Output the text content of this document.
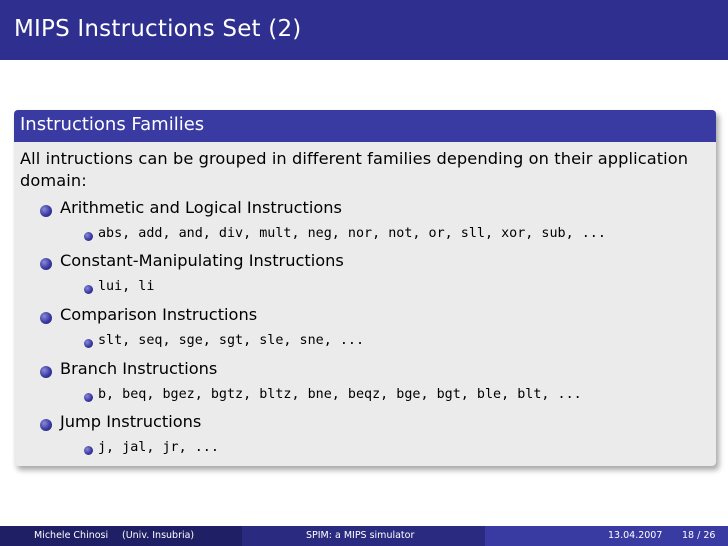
MIPS Instructions Set (2)
Instructions Families
All intructions can be grouped in different families depending on their application
domain:
Arithmetic and Logical Instructions
abs, add, and, div, mult, neg, nor, not, or, sll, xor, sub, ...
Constant-Manipulating Instructions
lui, li
Comparison Instructions
slt, seq, sge, sgt, sle, sne, ...
Branch Instructions
b, beq, bgez, bgtz, bltz, bne, beqz, bge, bgt, ble, blt, ...
Jump Instructions
j, jal, jr, ...
Michele Chinosi (Univ. Insubria)	SPIM: a MIPS simulator	13.04.2007 18 / 26
